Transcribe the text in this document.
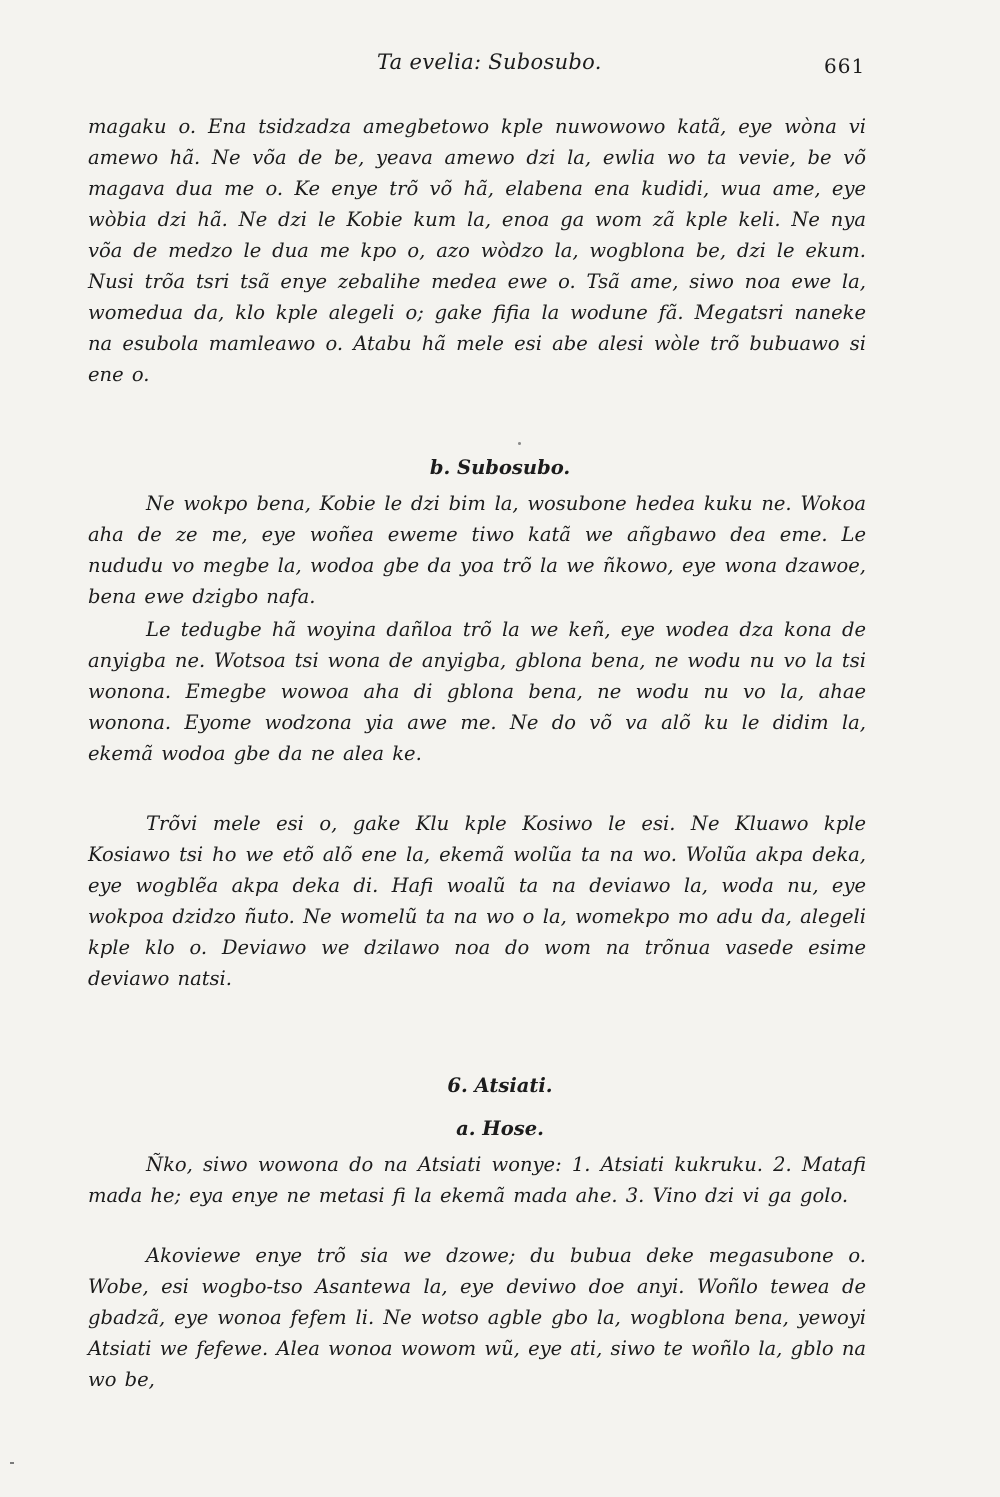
Ta evelia: Subosubo.	661

magaku o. Ena tsidzadza amegbetowo kple nuwowowo katã, eye wòna vi amewo hã. Ne võa de be, yeava amewo dzi la, ewlia wo ta vevie, be võ magava dua me o. Ke enye trõ võ hã, elabena ena kudidi, wua ame, eye wòbia dzi hã. Ne dzi le Kobie kum la, enoa ga wom zã kple keli. Ne nya võa de medzo le dua me kpo o, azo wòdzo la, wogblona be, dzi le ekum. Nusi trõa tsri tsã enye zebalihe medea ewe o. Tsã ame, siwo noa ewe la, womedua da, klo kple alegeli o; gake fifia la wodune fã. Megatsri naneke na esubola mamleawo o. Atabu hã mele esi abe alesi wòle trõ bubuawo si ene o.

b. Subosubo.

Ne wokpo bena, Kobie le dzi bim la, wosubone hedea kuku ne. Wokoa aha de ze me, eye woñea ewemе tiwo katã we añgbawo dea eme. Le nududu vo megbe la, wodoa gbe da yoa trõ la we ñkowo, eye wona dzawoe, bena ewe dzigbo nafa.

Le tedugbe hã woyina dañloa trõ la we keñ, eye wodea dza kona de anyigba ne. Wotsoa tsi wona de anyigba, gblona bena, ne wodu nu vo la tsi wonona. Emegbe wowoa aha di gblona bena, ne wodu nu vo la, ahae wonona. Eyome wodzona yia awe me. Ne do võ va alõ ku le didim la, ekemã wodoa gbe da ne alea ke.

Trõvi mele esi o, gake Klu kple Kosiwo le esi. Ne Kluawo kple Kosiawo tsi ho we etõ alõ ene la, ekemã wolũa ta na wo. Wolũa akpa deka, eye wogblẽa akpa deka di. Hafi woalũ ta na deviawo la, woda nu, eye wokpoa dzidzo ñuto. Ne womelũ ta na wo o la, womekpo mo adu da, alegeli kple klo o. Deviawo we dzilawo noa do wom na trõnua vasede esime deviawo natsi.

6. Atsiati.
a. Hose.

Ñko, siwo wowona do na Atsiati wonye: 1. Atsiati kukruku. 2. Matafi mada he; eya enye ne metasi fi la ekemã mada ahe. 3. Vino dzi vi ga golo.

Akoviewe enye trõ sia we dzowe; du bubua deke megasubone o. Wobe, esi wogbo-tso Asantewa la, eye deviwo doe anyi. Woñlo tewea de gbadzã, eye wonoa fefem li. Ne wotso agble gbo la, wogblona bena, yewoyi Atsiati we fefewe. Alea wonoa wowom wũ, eye ati, siwo te woñlo la, gblo na wo be,
